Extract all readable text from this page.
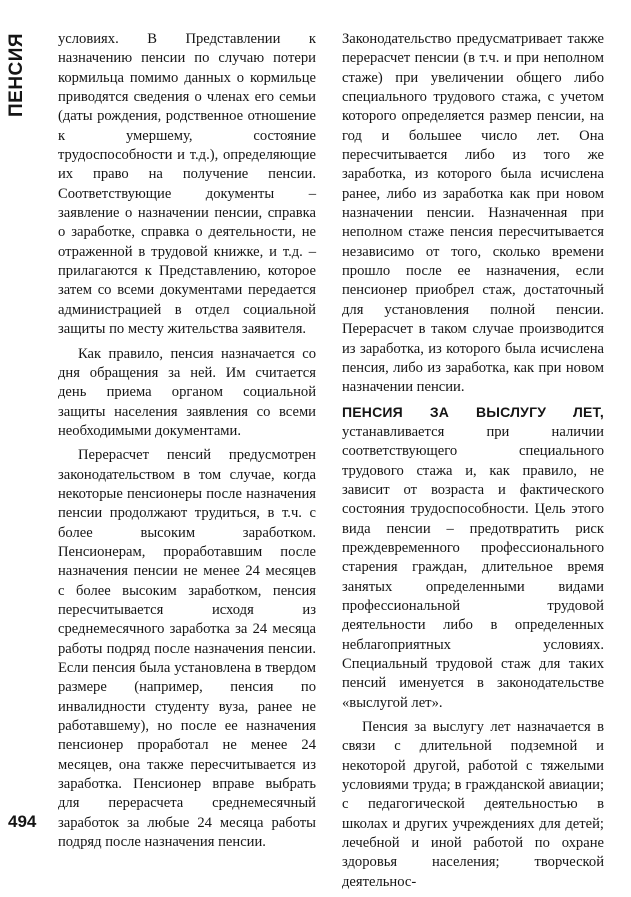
ПЕНСИЯ условиях. В Представлении к назначению пенсии по случаю потери кормильца помимо данных о кормильце приводятся сведения о членах его семьи (даты рождения, родственное отношение к умершему, состояние трудоспособности и т.д.), определяющие их право на получение пенсии. Соответствующие документы – заявление о назначении пенсии, справка о заработке, справка о деятельности, не отраженной в трудовой книжке, и т.д. – прилагаются к Представлению, которое затем со всеми документами передается администрацией в отдел социальной защиты по месту жительства заявителя.

Как правило, пенсия назначается со дня обращения за ней. Им считается день приема органом социальной защиты населения заявления со всеми необходимыми документами.

Перерасчет пенсий предусмотрен законодательством в том случае, когда некоторые пенсионеры после назначения пенсии продолжают трудиться, в т.ч. с более высоким заработком. Пенсионерам, проработавшим после назначения пенсии не менее 24 месяцев с более высоким заработком, пенсия пересчитывается исходя из среднемесячного заработка за 24 месяца работы подряд после назначения пенсии. Если пенсия была установлена в твердом размере (например, пенсия по инвалидности студенту вуза, ранее не работавшему), но после ее назначения пенсионер проработал не менее 24 месяцев, она также пересчитывается из заработка. Пенсионер вправе выбрать для перерасчета среднемесячный заработок за любые 24 месяца работы подряд после назначения пенсии.

Законодательство предусматривает также перерасчет пенсии (в т.ч. и при неполном стаже) при увеличении общего либо специального трудового стажа, с учетом которого определяется размер пенсии, на год и большее число лет. Она пересчитывается либо из того же заработка, из которого была исчислена ранее, либо из заработка как при новом назначении пенсии. Назначенная при неполном стаже пенсия пересчитывается независимо от того, сколько времени прошло после ее назначения, если пенсионер приобрел стаж, достаточный для установления полной пенсии. Перерасчет в таком случае производится из заработка, из которого была исчислена пенсия, либо из заработка, как при новом назначении пенсии.

ПЕНСИЯ ЗА ВЫСЛУГУ ЛЕТ, устанавливается при наличии соответствующего специального трудового стажа и, как правило, не зависит от возраста и фактического состояния трудоспособности. Цель этого вида пенсии – предотвратить риск преждевременного профессионального старения граждан, длительное время занятых определенными видами профессиональной трудовой деятельности либо в определенных неблагоприятных условиях. Специальный трудовой стаж для таких пенсий именуется в законодательстве «выслугой лет».

Пенсия за выслугу лет назначается в связи с длительной подземной и некоторой другой, работой с тяжелыми условиями труда; в гражданской авиации; с педагогической деятельностью в школах и других учреждениях для детей; лечебной и иной работой по охране здоровья населения; творческой деятельнос-

494
